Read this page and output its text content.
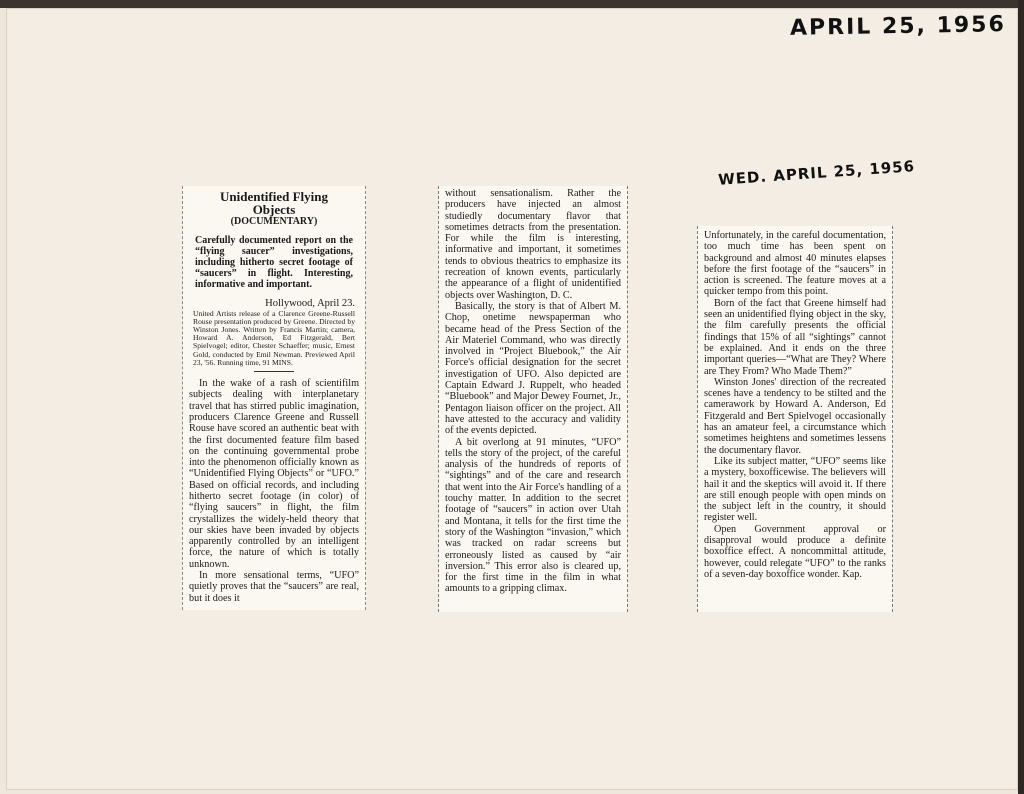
APRIL 25, 1956
WED. APRIL 25, 1956
Unidentified Flying
Objects
(DOCUMENTARY)
Carefully documented report on the “flying saucer” investigations, including hitherto secret footage of “saucers” in flight. Interesting, informative and important.
Hollywood, April 23.
United Artists release of a Clarence Greene-Russell Rouse presentation produced by Greene. Directed by Winston Jones. Written by Francis Martin; camera, Howard A. Anderson, Ed Fitzgerald, Bert Spielvogel; editor, Chester Schaeffer; music, Ernest Gold, conducted by Emil Newman. Previewed April 23, '56. Running time, 91 MINS.

In the wake of a rash of scientifilm subjects dealing with interplanetary travel that has stirred public imagination, producers Clarence Greene and Russell Rouse have scored an authentic beat with the first documented feature film based on the continuing governmental probe into the phenomenon officially known as “Unidentified Flying Objects” or “UFO.” Based on official records, and including hitherto secret footage (in color) of “flying saucers” in flight, the film crystallizes the widely-held theory that our skies have been invaded by objects apparently controlled by an intelligent force, the nature of which is totally unknown.

In more sensational terms, “UFO” quietly proves that the “saucers” are real, but it does it

without sensationalism. Rather the producers have injected an almost studiedly documentary flavor that sometimes detracts from the presentation. For while the film is interesting, informative and important, it sometimes tends to obvious theatrics to emphasize its recreation of known events, particularly the appearance of a flight of unidentified objects over Washington, D. C.

Basically, the story is that of Albert M. Chop, onetime newspaperman who became head of the Press Section of the Air Materiel Command, who was directly involved in “Project Bluebook,” the Air Force's official designation for the secret investigation of UFO. Also depicted are Captain Edward J. Ruppelt, who headed “Bluebook” and Major Dewey Fournet, Jr., Pentagon liaison officer on the project. All have attested to the accuracy and validity of the events depicted.

A bit overlong at 91 minutes, “UFO” tells the story of the project, of the careful analysis of the hundreds of reports of “sightings” and of the care and research that went into the Air Force's handling of a touchy matter. In addition to the secret footage of “saucers” in action over Utah and Montana, it tells for the first time the story of the Washington “invasion,” which was tracked on radar screens but erroneously listed as caused by “air inversion.” This error also is cleared up, for the first time in the film in what amounts to a gripping climax.

Unfortunately, in the careful documentation, too much time has been spent on background and almost 40 minutes elapses before the first footage of the “saucers” in action is screened. The feature moves at a quicker tempo from this point.

Born of the fact that Greene himself had seen an unidentified flying object in the sky, the film carefully presents the official findings that 15% of all “sightings” cannot be explained. And it ends on the three important queries—“What are They? Where are They From? Who Made Them?”

Winston Jones' direction of the recreated scenes have a tendency to be stilted and the camerawork by Howard A. Anderson, Ed Fitzgerald and Bert Spielvogel occasionally has an amateur feel, a circumstance which sometimes heightens and sometimes lessens the documentary flavor.

Like its subject matter, “UFO” seems like a mystery, boxofficewise. The believers will hail it and the skeptics will avoid it. If there are still enough people with open minds on the subject left in the country, it should register well.

Open Government approval or disapproval would produce a definite boxoffice effect. A noncommittal attitude, however, could relegate “UFO” to the ranks of a seven-day boxoffice wonder. Kap.
